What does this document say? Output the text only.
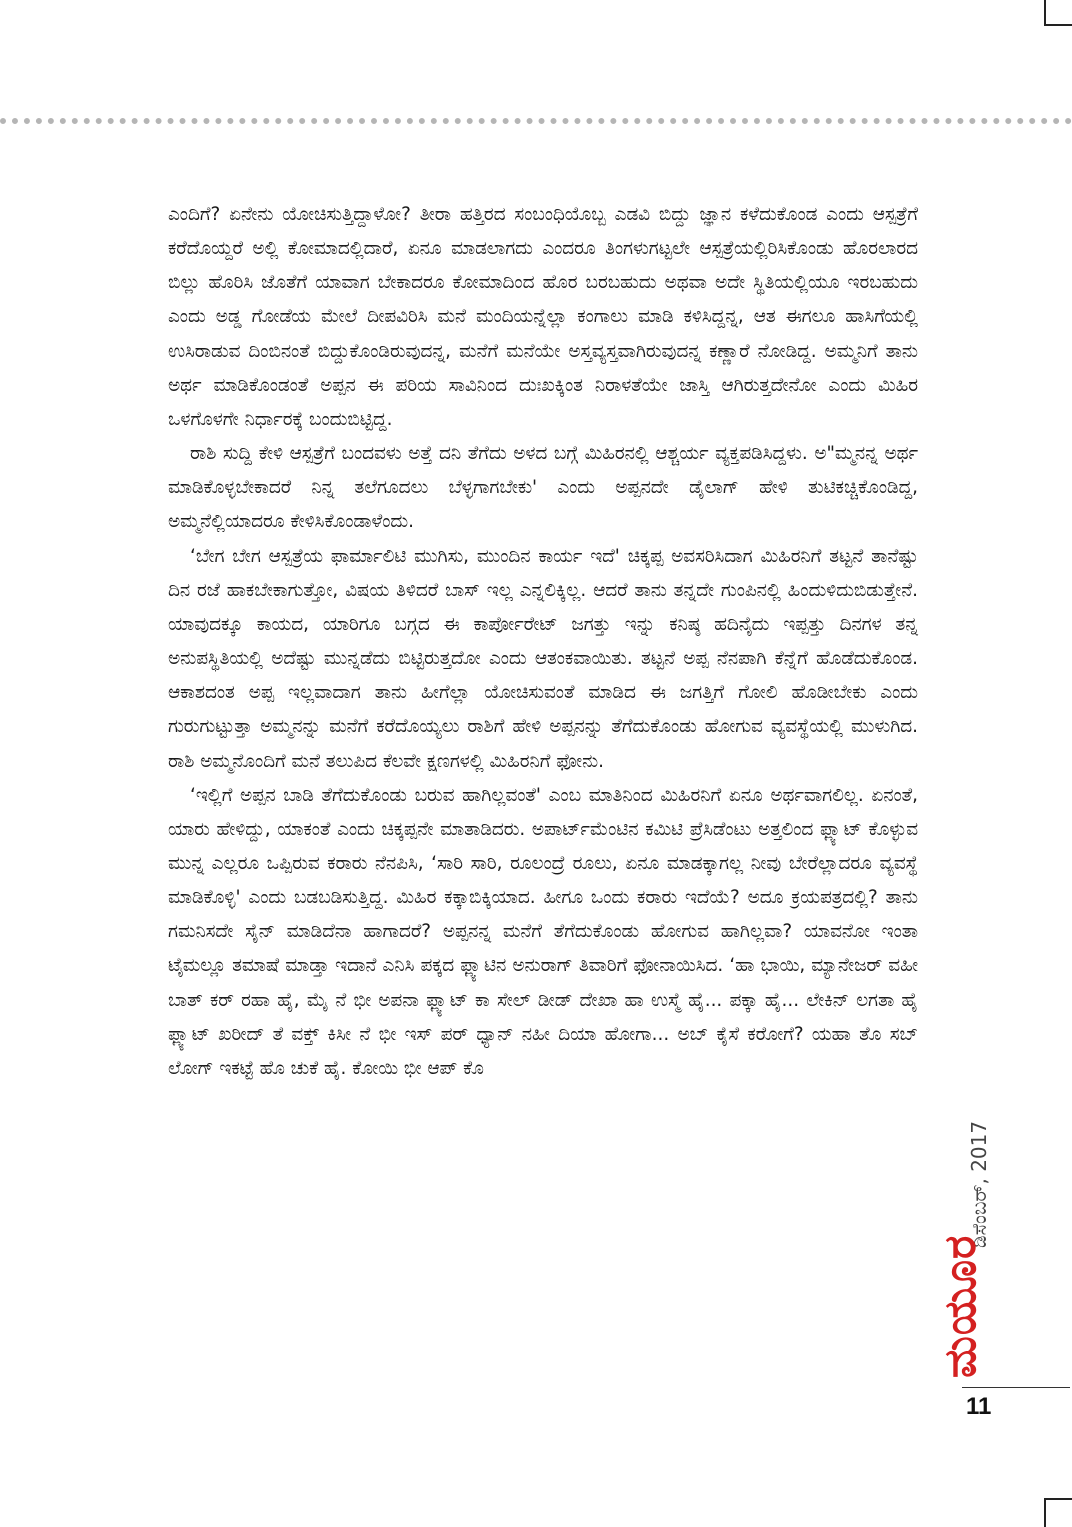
ಎಂದಿಗೆ? ಏನೇನು ಯೋಚಿಸುತ್ತಿದ್ದಾಳೋ? ತೀರಾ ಹತ್ತಿರದ ಸಂಬಂಧಿಯೊಬ್ಬ ಎಡವಿ ಬಿದ್ದು ಜ್ಞಾನ ಕಳೆದುಕೊಂಡ ಎಂದು ಆಸ್ಪತ್ರೆಗೆ ಕರೆದೊಯ್ದರೆ ಅಲ್ಲಿ ಕೋಮಾದಲ್ಲಿದಾರೆ, ಏನೂ ಮಾಡಲಾಗದು ಎಂದರೂ ತಿಂಗಳುಗಟ್ಟಲೇ ಆಸ್ಪತ್ರೆಯಲ್ಲಿರಿಸಿಕೊಂಡು ಹೊರಲಾರದ ಬಿಲ್ಲು ಹೊರಿಸಿ ಜೊತೆಗೆ ಯಾವಾಗ ಬೇಕಾದರೂ ಕೋಮಾದಿಂದ ಹೊರ ಬರಬಹುದು ಅಥವಾ ಅದೇ ಸ್ಥಿತಿಯಲ್ಲಿಯೂ ಇರಬಹುದು ಎಂದು ಅಡ್ಡ ಗೋಡೆಯ ಮೇಲೆ ದೀಪವಿರಿಸಿ ಮನೆ ಮಂದಿಯನ್ನೆಲ್ಲಾ ಕಂಗಾಲು ಮಾಡಿ ಕಳಿಸಿದ್ದನ್ನ, ಆತ ಈಗಲೂ ಹಾಸಿಗೆಯಲ್ಲಿ ಉಸಿರಾಡುವ ದಿಂಬಿನಂತೆ ಬಿದ್ದುಕೊಂಡಿರುವುದನ್ನ, ಮನೆಗೆ ಮನೆಯೇ ಅಸ್ತವ್ಯಸ್ತವಾಗಿರುವುದನ್ನ ಕಣ್ಣಾರೆ ನೋಡಿದ್ದ. ಅಮ್ಮನಿಗೆ ತಾನು ಅರ್ಥ ಮಾಡಿಕೊಂಡಂತೆ ಅಪ್ಪನ ಈ ಪರಿಯ ಸಾವಿನಿಂದ ದುಃಖಕ್ಕಿಂತ ನಿರಾಳತೆಯೇ ಜಾಸ್ತಿ ಆಗಿರುತ್ತದೇನೋ ಎಂದು ಮಿಹಿರ ಒಳಗೊಳಗೇ ನಿರ್ಧಾರಕ್ಕೆ ಬಂದುಬಿಟ್ಟಿದ್ದ.

ರಾಶಿ ಸುದ್ದಿ ಕೇಳಿ ಆಸ್ಪತ್ರೆಗೆ ಬಂದವಳು ಅತ್ತೆ ದನಿ ತೆಗೆದು ಅಳದ ಬಗ್ಗೆ ಮಿಹಿರನಲ್ಲಿ ಆಶ್ಚರ್ಯ ವ್ಯಕ್ತಪಡಿಸಿದ್ದಳು. ಅ"ಮ್ಮನನ್ನ ಅರ್ಥ ಮಾಡಿಕೊಳ್ಳಬೇಕಾದರೆ ನಿನ್ನ ತಲೆಗೂದಲು ಬೆಳ್ಳಗಾಗಬೇಕು' ಎಂದು ಅಪ್ಪನದೇ ಡೈಲಾಗ್ ಹೇಳಿ ತುಟಿಕಚ್ಚಿಕೊಂಡಿದ್ದ, ಅಮ್ಮನೆಲ್ಲಿಯಾದರೂ ಕೇಳಿಸಿಕೊಂಡಾಳೆಂದು.

‘ಬೇಗ ಬೇಗ ಆಸ್ಪತ್ರೆಯ ಫಾರ್ಮಾಲಿಟಿ ಮುಗಿಸು, ಮುಂದಿನ ಕಾರ್ಯ ಇದೆ' ಚಿಕ್ಕಪ್ಪ ಅವಸರಿಸಿದಾಗ ಮಿಹಿರನಿಗೆ ತಟ್ಟನೆ ತಾನೆಷ್ಟು ದಿನ ರಜೆ ಹಾಕಬೇಕಾಗುತ್ತೋ, ವಿಷಯ ತಿಳಿದರೆ ಬಾಸ್ ಇಲ್ಲ ಎನ್ನಲಿಕ್ಕಿಲ್ಲ. ಆದರೆ ತಾನು ತನ್ನದೇ ಗುಂಪಿನಲ್ಲಿ ಹಿಂದುಳಿದುಬಿಡುತ್ತೇನೆ. ಯಾವುದಕ್ಕೂ ಕಾಯದ, ಯಾರಿಗೂ ಬಗ್ಗದ ಈ ಕಾರ್ಪೋರೇಟ್ ಜಗತ್ತು ಇನ್ನು ಕನಿಷ್ಠ ಹದಿನೈದು ಇಪ್ಪತ್ತು ದಿನಗಳ ತನ್ನ ಅನುಪಸ್ಥಿತಿಯಲ್ಲಿ ಅದೆಷ್ಟು ಮುನ್ನಡೆದು ಬಿಟ್ಟಿರುತ್ತದೋ ಎಂದು ಆತಂಕವಾಯಿತು. ತಟ್ಟನೆ ಅಪ್ಪ ನೆನಪಾಗಿ ಕೆನ್ನೆಗೆ ಹೊಡೆದುಕೊಂಡ. ಆಕಾಶದಂತ ಅಪ್ಪ ಇಲ್ಲವಾದಾಗ ತಾನು ಹೀಗೆಲ್ಲಾ ಯೋಚಿಸುವಂತೆ ಮಾಡಿದ ಈ ಜಗತ್ತಿಗೆ ಗೋಲಿ ಹೊಡೀಬೇಕು ಎಂದು ಗುರುಗುಟ್ಟುತ್ತಾ ಅಮ್ಮನನ್ನು ಮನೆಗೆ ಕರೆದೊಯ್ಯಲು ರಾಶಿಗೆ ಹೇಳಿ ಅಪ್ಪನನ್ನು ತೆಗೆದುಕೊಂಡು ಹೋಗುವ ವ್ಯವಸ್ಥೆಯಲ್ಲಿ ಮುಳುಗಿದ. ರಾಶಿ ಅಮ್ಮನೊಂದಿಗೆ ಮನೆ ತಲುಪಿದ ಕೆಲವೇ ಕ್ಷಣಗಳಲ್ಲಿ ಮಿಹಿರನಿಗೆ ಫೋನು.

‘ಇಲ್ಲಿಗೆ ಅಪ್ಪನ ಬಾಡಿ ತೆಗೆದುಕೊಂಡು ಬರುವ ಹಾಗಿಲ್ಲವಂತೆ' ಎಂಬ ಮಾತಿನಿಂದ ಮಿಹಿರನಿಗೆ ಏನೂ ಅರ್ಥವಾಗಲಿಲ್ಲ. ಏನಂತೆ, ಯಾರು ಹೇಳಿದ್ದು, ಯಾಕಂತೆ ಎಂದು ಚಿಕ್ಕಪ್ಪನೇ ಮಾತಾಡಿದರು. ಅಪಾರ್ಟ್‌ಮೆಂಟಿನ ಕಮಿಟಿ ಪ್ರೆಸಿಡೆಂಟು ಅತ್ತಲಿಂದ ಫ್ಲ್ಯಾಟ್ ಕೊಳ್ಳುವ ಮುನ್ನ ಎಲ್ಲರೂ ಒಪ್ಪಿರುವ ಕರಾರು ನೆನಪಿಸಿ, ‘ಸಾರಿ ಸಾರಿ, ರೂಲಂದ್ರೆ ರೂಲು, ಏನೂ ಮಾಡಕ್ಕಾಗಲ್ಲ ನೀವು ಬೇರೆಲ್ಲಾದರೂ ವ್ಯವಸ್ಥೆ ಮಾಡಿಕೊಳ್ಳಿ' ಎಂದು ಬಡಬಡಿಸುತ್ತಿದ್ದ. ಮಿಹಿರ ಕಕ್ಕಾಬಿಕ್ಕಿಯಾದ. ಹೀಗೂ ಒಂದು ಕರಾರು ಇದೆಯೆ? ಅದೂ ಕ್ರಯಪತ್ರದಲ್ಲಿ? ತಾನು ಗಮನಿಸದೇ ಸೈನ್ ಮಾಡಿದೆನಾ ಹಾಗಾದರೆ? ಅಪ್ಪನನ್ನ ಮನೆಗೆ ತೆಗೆದುಕೊಂಡು ಹೋಗುವ ಹಾಗಿಲ್ಲವಾ? ಯಾವನೋ ಇಂತಾ ಟೈಮಲ್ಲೂ ತಮಾಷೆ ಮಾಡ್ತಾ ಇದಾನೆ ಎನಿಸಿ ಪಕ್ಕದ ಫ್ಲ್ಯಾಟಿನ ಅನುರಾಗ್ ತಿವಾರಿಗೆ ಫೋನಾಯಿಸಿದ. ‘ಹಾ ಭಾಯಿ, ಮ್ಯಾನೇಜರ್ ವಹೀ ಬಾತ್ ಕರ್ ರಹಾ ಹೈ, ಮೈ ನೆ ಭೀ ಅಪನಾ ಫ್ಲ್ಯಾಟ್ ಕಾ ಸೇಲ್ ಡೀಡ್ ದೇಖಾ ಹಾ ಉಸ್ಮೆ ಹೈ... ಪಕ್ಕಾ ಹೈ... ಲೇಕಿನ್ ಲಗತಾ ಹೈ ಫ್ಲ್ಯಾಟ್ ಖರೀದ್ ತೆ ವಕ್ತ್ ಕಿಸೀ ನೆ ಭೀ ಇಸ್ ಪರ್ ಧ್ಯಾನ್ ನಹೀ ದಿಯಾ ಹೋಗಾ... ಅಬ್ ಕೈಸೆ ಕರೋಗೆ? ಯಹಾ ತೊ ಸಬ್ ಲೋಗ್ ಇಕಟ್ಟೆ ಹೊ ಚುಕೆ ಹೈ. ಕೋಯಿ ಭೀ ಆಪ್ ಕೊ

ಡಿಸೆಂಬರ್, 2017
ಮಯೂರ
11
